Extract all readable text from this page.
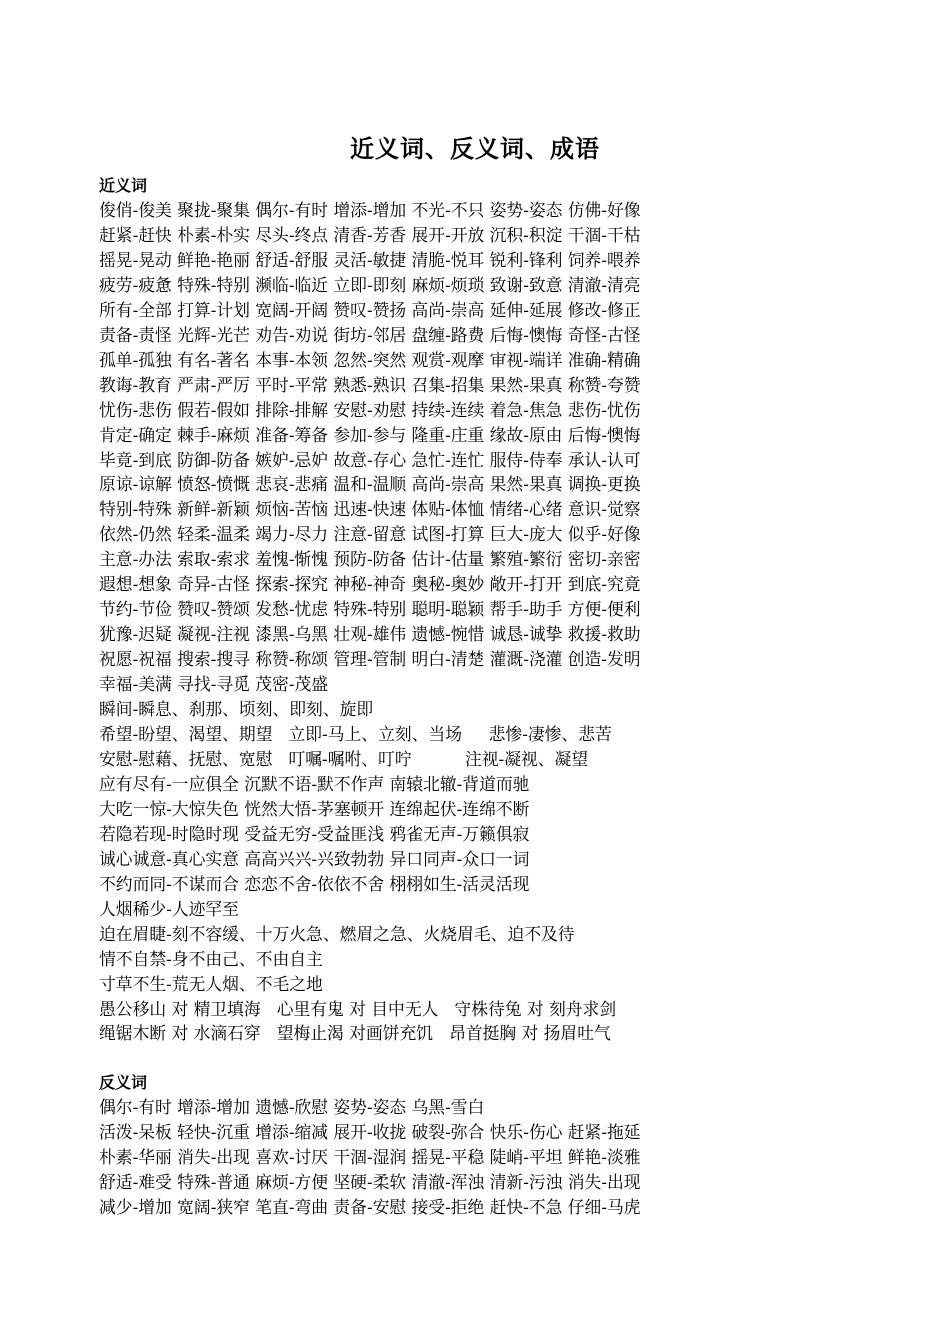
近义词、反义词、成语
近义词
俊俏-俊美 聚拢-聚集 偶尔-有时 增添-增加 不光-不只 姿势-姿态 仿佛-好像
赶紧-赶快 朴素-朴实 尽头-终点 清香-芳香 展开-开放 沉积-积淀 干涸-干枯
摇晃-晃动 鲜艳-艳丽 舒适-舒服 灵活-敏捷 清脆-悦耳 锐利-锋利 饲养-喂养
疲劳-疲惫 特殊-特别 濒临-临近 立即-即刻 麻烦-烦琐 致谢-致意 清澈-清亮
所有-全部 打算-计划 宽阔-开阔 赞叹-赞扬 高尚-崇高 延伸-延展 修改-修正
责备-责怪 光辉-光芒 劝告-劝说 街坊-邻居 盘缠-路费 后悔-懊悔 奇怪-古怪
孤单-孤独 有名-著名 本事-本领 忽然-突然 观赏-观摩 审视-端详 准确-精确
教诲-教育 严肃-严厉 平时-平常 熟悉-熟识 召集-招集 果然-果真 称赞-夸赞
忧伤-悲伤 假若-假如 排除-排解 安慰-劝慰 持续-连续 着急-焦急 悲伤-忧伤
肯定-确定 棘手-麻烦 准备-筹备 参加-参与 隆重-庄重 缘故-原由 后悔-懊悔
毕竟-到底 防御-防备 嫉妒-忌妒 故意-存心 急忙-连忙 服侍-侍奉 承认-认可
原谅-谅解 愤怒-愤慨 悲哀-悲痛 温和-温顺 高尚-崇高 果然-果真 调换-更换
特别-特殊 新鲜-新颖 烦恼-苦恼 迅速-快速 体贴-体恤 情绪-心绪 意识-觉察
依然-仍然 轻柔-温柔 竭力-尽力 注意-留意 试图-打算 巨大-庞大 似乎-好像
主意-办法 索取-索求 羞愧-惭愧 预防-防备 估计-估量 繁殖-繁衍 密切-亲密
遐想-想象 奇异-古怪 探索-探究 神秘-神奇 奥秘-奥妙 敞开-打开 到底-究竟
节约-节俭 赞叹-赞颂 发愁-忧虑 特殊-特别 聪明-聪颖 帮手-助手 方便-便利
犹豫-迟疑 凝视-注视 漆黑-乌黑 壮观-雄伟 遗憾-惋惜 诚恳-诚挚 救援-救助
祝愿-祝福 搜索-搜寻 称赞-称颂 管理-管制 明白-清楚 灌溉-浇灌 创造-发明
幸福-美满 寻找-寻觅 茂密-茂盛
瞬间-瞬息、刹那、顷刻、即刻、旋即
希望-盼望、渴望、期望   立即-马上、立刻、当场     悲惨-凄惨、悲苦
安慰-慰藉、抚慰、宽慰   叮嘱-嘱咐、叮咛          注视-凝视、凝望
应有尽有-一应俱全 沉默不语-默不作声 南辕北辙-背道而驰
大吃一惊-大惊失色 恍然大悟-茅塞顿开 连绵起伏-连绵不断
若隐若现-时隐时现 受益无穷-受益匪浅 鸦雀无声-万籁俱寂
诚心诚意-真心实意 高高兴兴-兴致勃勃 异口同声-众口一词
不约而同-不谋而合 恋恋不舍-依依不舍 栩栩如生-活灵活现
人烟稀少-人迹罕至
迫在眉睫-刻不容缓、十万火急、燃眉之急、火烧眉毛、迫不及待
情不自禁-身不由己、不由自主
寸草不生-荒无人烟、不毛之地
愚公移山 对 精卫填海   心里有鬼 对 目中无人   守株待兔 对 刻舟求剑
绳锯木断 对 水滴石穿   望梅止渴 对画饼充饥   昂首挺胸 对 扬眉吐气
反义词
偶尔-有时 增添-增加 遗憾-欣慰 姿势-姿态 乌黑-雪白
活泼-呆板 轻快-沉重 增添-缩减 展开-收拢 破裂-弥合 快乐-伤心 赶紧-拖延
朴素-华丽 消失-出现 喜欢-讨厌 干涸-湿润 摇晃-平稳 陡峭-平坦 鲜艳-淡雅
舒适-难受 特殊-普通 麻烦-方便 坚硬-柔软 清澈-浑浊 清新-污浊 消失-出现
减少-增加 宽阔-狭窄 笔直-弯曲 责备-安慰 接受-拒绝 赶快-不急 仔细-马虎
